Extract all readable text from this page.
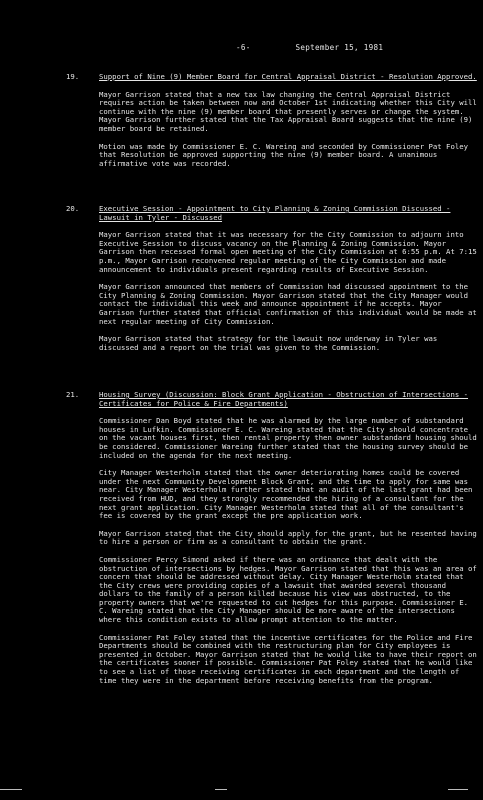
-6-	September 15, 1981
19.	Support of Nine (9) Member Board for Central Appraisal District - Resolution Approved.

Mayor Garrison stated that a new tax law changing the Central Appraisal District requires action be taken between now and October 1st indicating whether this City will continue with the nine (9) member board that presently serves or change the system. Mayor Garrison further stated that the Tax Appraisal Board suggests that the nine (9) member board be retained.

Motion was made by Commissioner E. C. Wareing and seconded by Commissioner Pat Foley that Resolution be approved supporting the nine (9) member board. A unanimous affirmative vote was recorded.

20.	Executive Session - Appointment to City Planning & Zoning Commission Discussed - Lawsuit in Tyler - Discussed

Mayor Garrison stated that it was necessary for the City Commission to adjourn into Executive Session to discuss vacancy on the Planning & Zoning Commission. Mayor Garrison then recessed formal open meeting of the City Commission at 6:55 p.m. At 7:15 p.m., Mayor Garrison reconvened regular meeting of the City Commission and made announcement to individuals present regarding results of Executive Session.

Mayor Garrison announced that members of Commission had discussed appointment to the City Planning & Zoning Commission. Mayor Garrison stated that the City Manager would contact the individual this week and announce appointment if he accepts. Mayor Garrison further stated that official confirmation of this individual would be made at next regular meeting of City Commission.

Mayor Garrison stated that strategy for the lawsuit now underway in Tyler was discussed and a report on the trial was given to the Commission.

21.	Housing Survey (Discussion: Block Grant Application - Obstruction of Intersections - Certificates for Police & Fire Departments)

Commissioner Dan Boyd stated that he was alarmed by the large number of substandard houses in Lufkin. Commissioner E. C. Wareing stated that the City should concentrate on the vacant houses first, then rental property then owner substandard housing should be considered. Commissioner Wareing further stated that the housing survey should be included on the agenda for the next meeting.

City Manager Westerholm stated that the owner deteriorating homes could be covered under the next Community Development Block Grant, and the time to apply for same was near. City Manager Westerholm further stated that an audit of the last grant had been received from HUD, and they strongly recommended the hiring of a consultant for the next grant application. City Manager Westerholm stated that all of the consultant's fee is covered by the grant except the pre application work.

Mayor Garrison stated that the City should apply for the grant, but he resented having to hire a person or firm as a consultant to obtain the grant.

Commissioner Percy Simond asked if there was an ordinance that dealt with the obstruction of intersections by hedges. Mayor Garrison stated that this was an area of concern that should be addressed without delay. City Manager Westerholm stated that the City crews were providing copies of a lawsuit that awarded several thousand dollars to the family of a person killed because his view was obstructed, to the property owners that we're requested to cut hedges for this purpose. Commissioner E. C. Wareing stated that the City Manager should be more aware of the intersections where this condition exists to allow prompt attention to the matter.

Commissioner Pat Foley stated that the incentive certificates for the Police and Fire Departments should be combined with the restructuring plan for City employees is presented in October. Mayor Garrison stated that he would like to have their report on the certificates sooner if possible. Commissioner Pat Foley stated that he would like to see a list of those receiving certificates in each department and the length of time they were in the department before receiving benefits from the program.
